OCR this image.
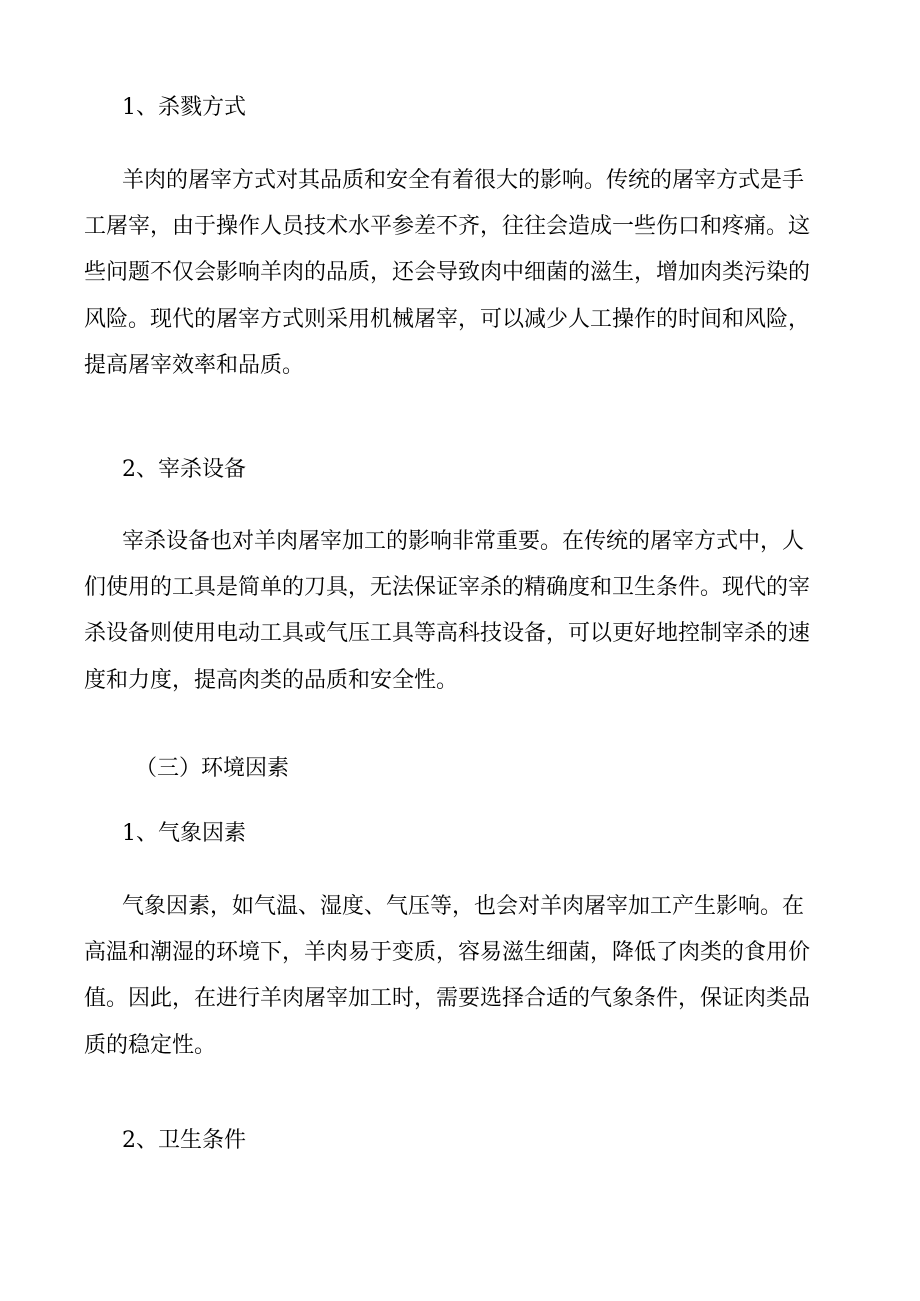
1、杀戮方式
羊肉的屠宰方式对其品质和安全有着很大的影响。传统的屠宰方式是手
工屠宰，由于操作人员技术水平参差不齐，往往会造成一些伤口和疼痛。这
些问题不仅会影响羊肉的品质，还会导致肉中细菌的滋生，增加肉类污染的
风险。现代的屠宰方式则采用机械屠宰，可以减少人工操作的时间和风险，
提高屠宰效率和品质。
2、宰杀设备
宰杀设备也对羊肉屠宰加工的影响非常重要。在传统的屠宰方式中，人
们使用的工具是简单的刀具，无法保证宰杀的精确度和卫生条件。现代的宰
杀设备则使用电动工具或气压工具等高科技设备，可以更好地控制宰杀的速
度和力度，提高肉类的品质和安全性。
（三）环境因素
1、气象因素
气象因素，如气温、湿度、气压等，也会对羊肉屠宰加工产生影响。在
高温和潮湿的环境下，羊肉易于变质，容易滋生细菌，降低了肉类的食用价
值。因此，在进行羊肉屠宰加工时，需要选择合适的气象条件，保证肉类品
质的稳定性。
2、卫生条件
